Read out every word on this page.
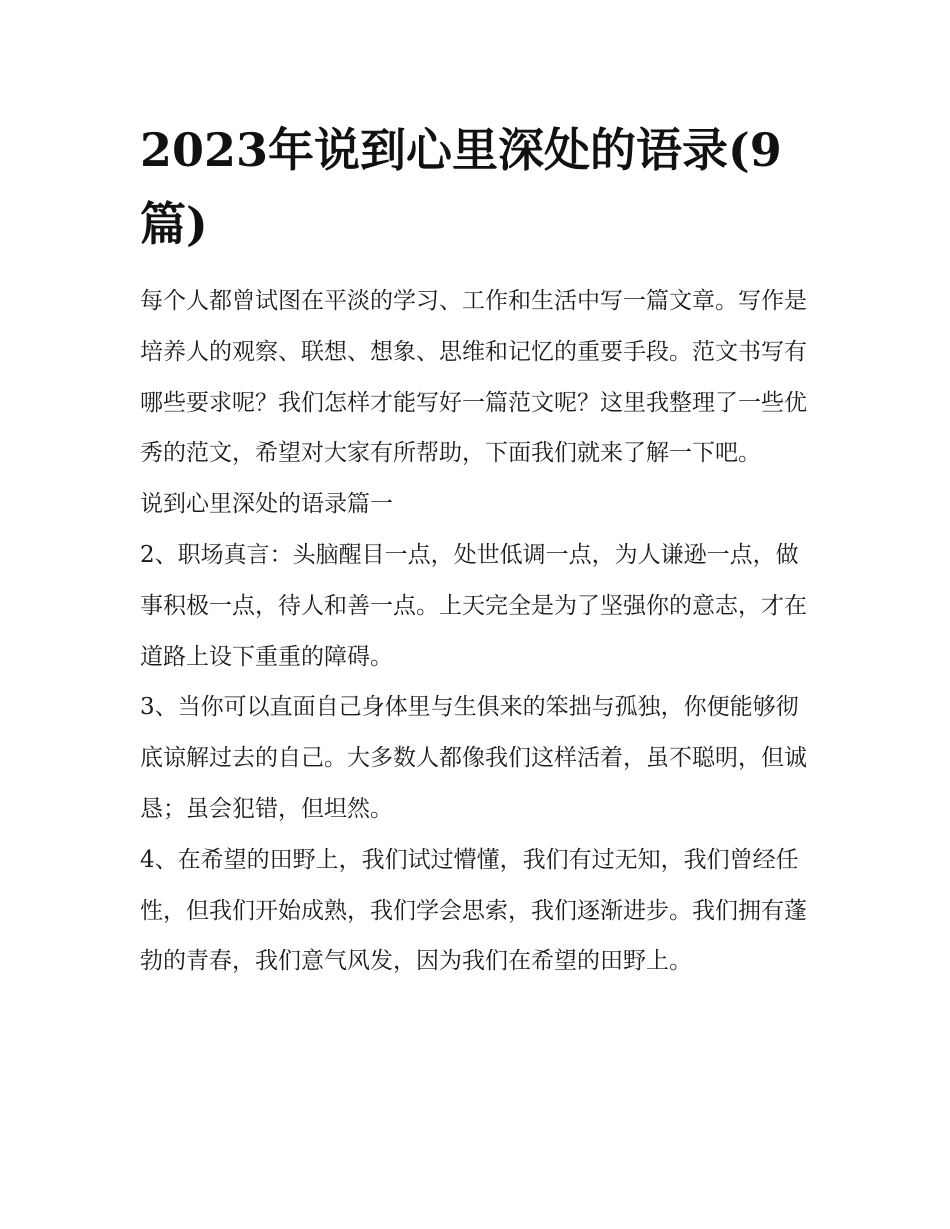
2023年说到心里深处的语录(9篇)

每个人都曾试图在平淡的学习、工作和生活中写一篇文章。写作是培养人的观察、联想、想象、思维和记忆的重要手段。范文书写有哪些要求呢？我们怎样才能写好一篇范文呢？这里我整理了一些优秀的范文，希望对大家有所帮助，下面我们就来了解一下吧。

说到心里深处的语录篇一

2、职场真言：头脑醒目一点，处世低调一点，为人谦逊一点，做事积极一点，待人和善一点。上天完全是为了坚强你的意志，才在道路上设下重重的障碍。

3、当你可以直面自己身体里与生俱来的笨拙与孤独，你便能够彻底谅解过去的自己。大多数人都像我们这样活着，虽不聪明，但诚恳；虽会犯错，但坦然。

4、在希望的田野上，我们试过懵懂，我们有过无知，我们曾经任性，但我们开始成熟，我们学会思索，我们逐渐进步。我们拥有蓬勃的青春，我们意气风发，因为我们在希望的田野上。
